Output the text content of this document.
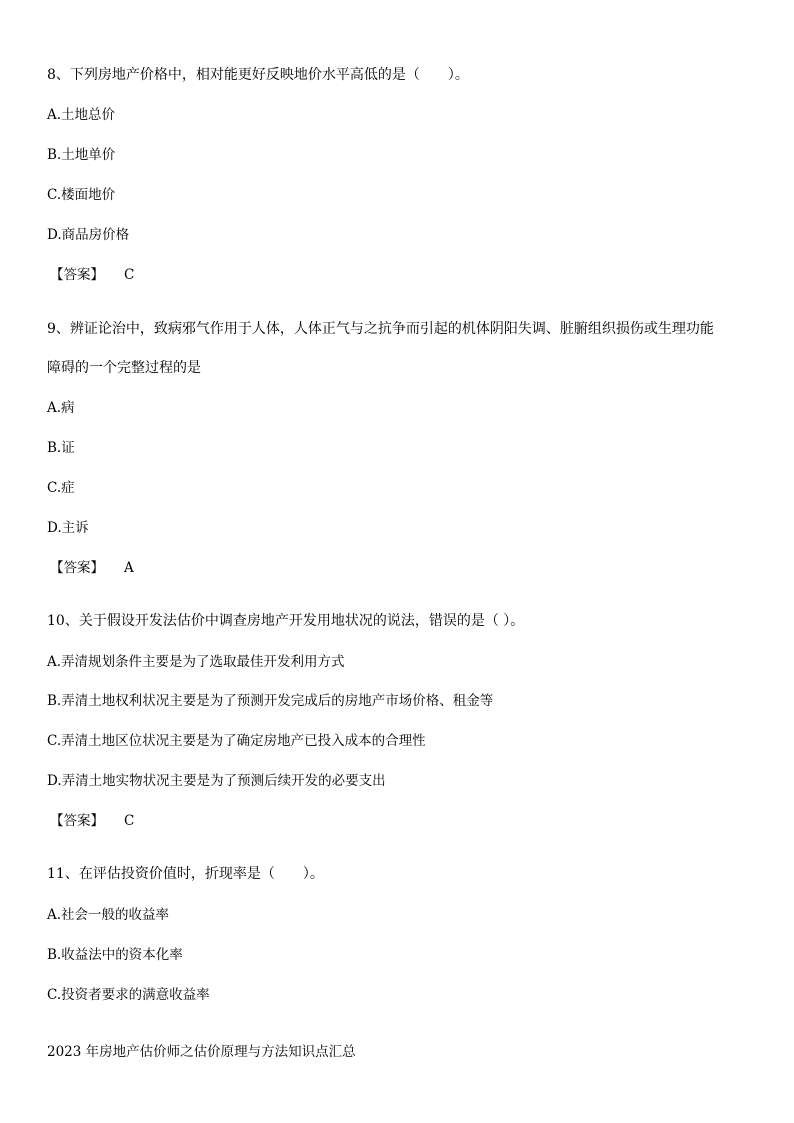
8、下列房地产价格中，相对能更好反映地价水平高低的是（　　）。
A.土地总价
B.土地单价
C.楼面地价
D.商品房价格
【答案】 C
9、辨证论治中，致病邪气作用于人体，人体正气与之抗争而引起的机体阴阳失调、脏腑组织损伤或生理功能
障碍的一个完整过程的是
A.病
B.证
C.症
D.主诉
【答案】 A
10、关于假设开发法估价中调查房地产开发用地状况的说法，错误的是（ ）。
A.弄清规划条件主要是为了选取最佳开发利用方式
B.弄清土地权利状况主要是为了预测开发完成后的房地产市场价格、租金等
C.弄清土地区位状况主要是为了确定房地产已投入成本的合理性
D.弄清土地实物状况主要是为了预测后续开发的必要支出
【答案】 C
11、在评估投资价值时，折现率是（　　）。
A.社会一般的收益率
B.收益法中的资本化率
C.投资者要求的满意收益率
2023 年房地产估价师之估价原理与方法知识点汇总
